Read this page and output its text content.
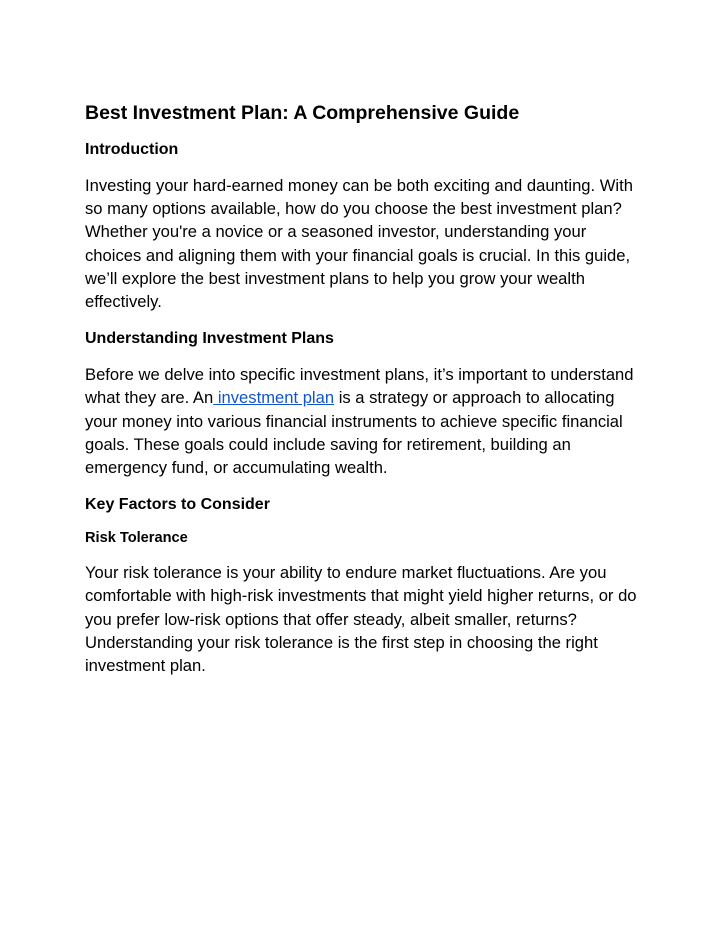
Best Investment Plan: A Comprehensive Guide
Introduction

Investing your hard-earned money can be both exciting and daunting. With so many options available, how do you choose the best investment plan? Whether you're a novice or a seasoned investor, understanding your choices and aligning them with your financial goals is crucial. In this guide, we’ll explore the best investment plans to help you grow your wealth effectively.

Understanding Investment Plans

Before we delve into specific investment plans, it’s important to understand what they are. An investment plan is a strategy or approach to allocating your money into various financial instruments to achieve specific financial goals. These goals could include saving for retirement, building an emergency fund, or accumulating wealth.

Key Factors to Consider
Risk Tolerance

Your risk tolerance is your ability to endure market fluctuations. Are you comfortable with high-risk investments that might yield higher returns, or do you prefer low-risk options that offer steady, albeit smaller, returns? Understanding your risk tolerance is the first step in choosing the right investment plan.
